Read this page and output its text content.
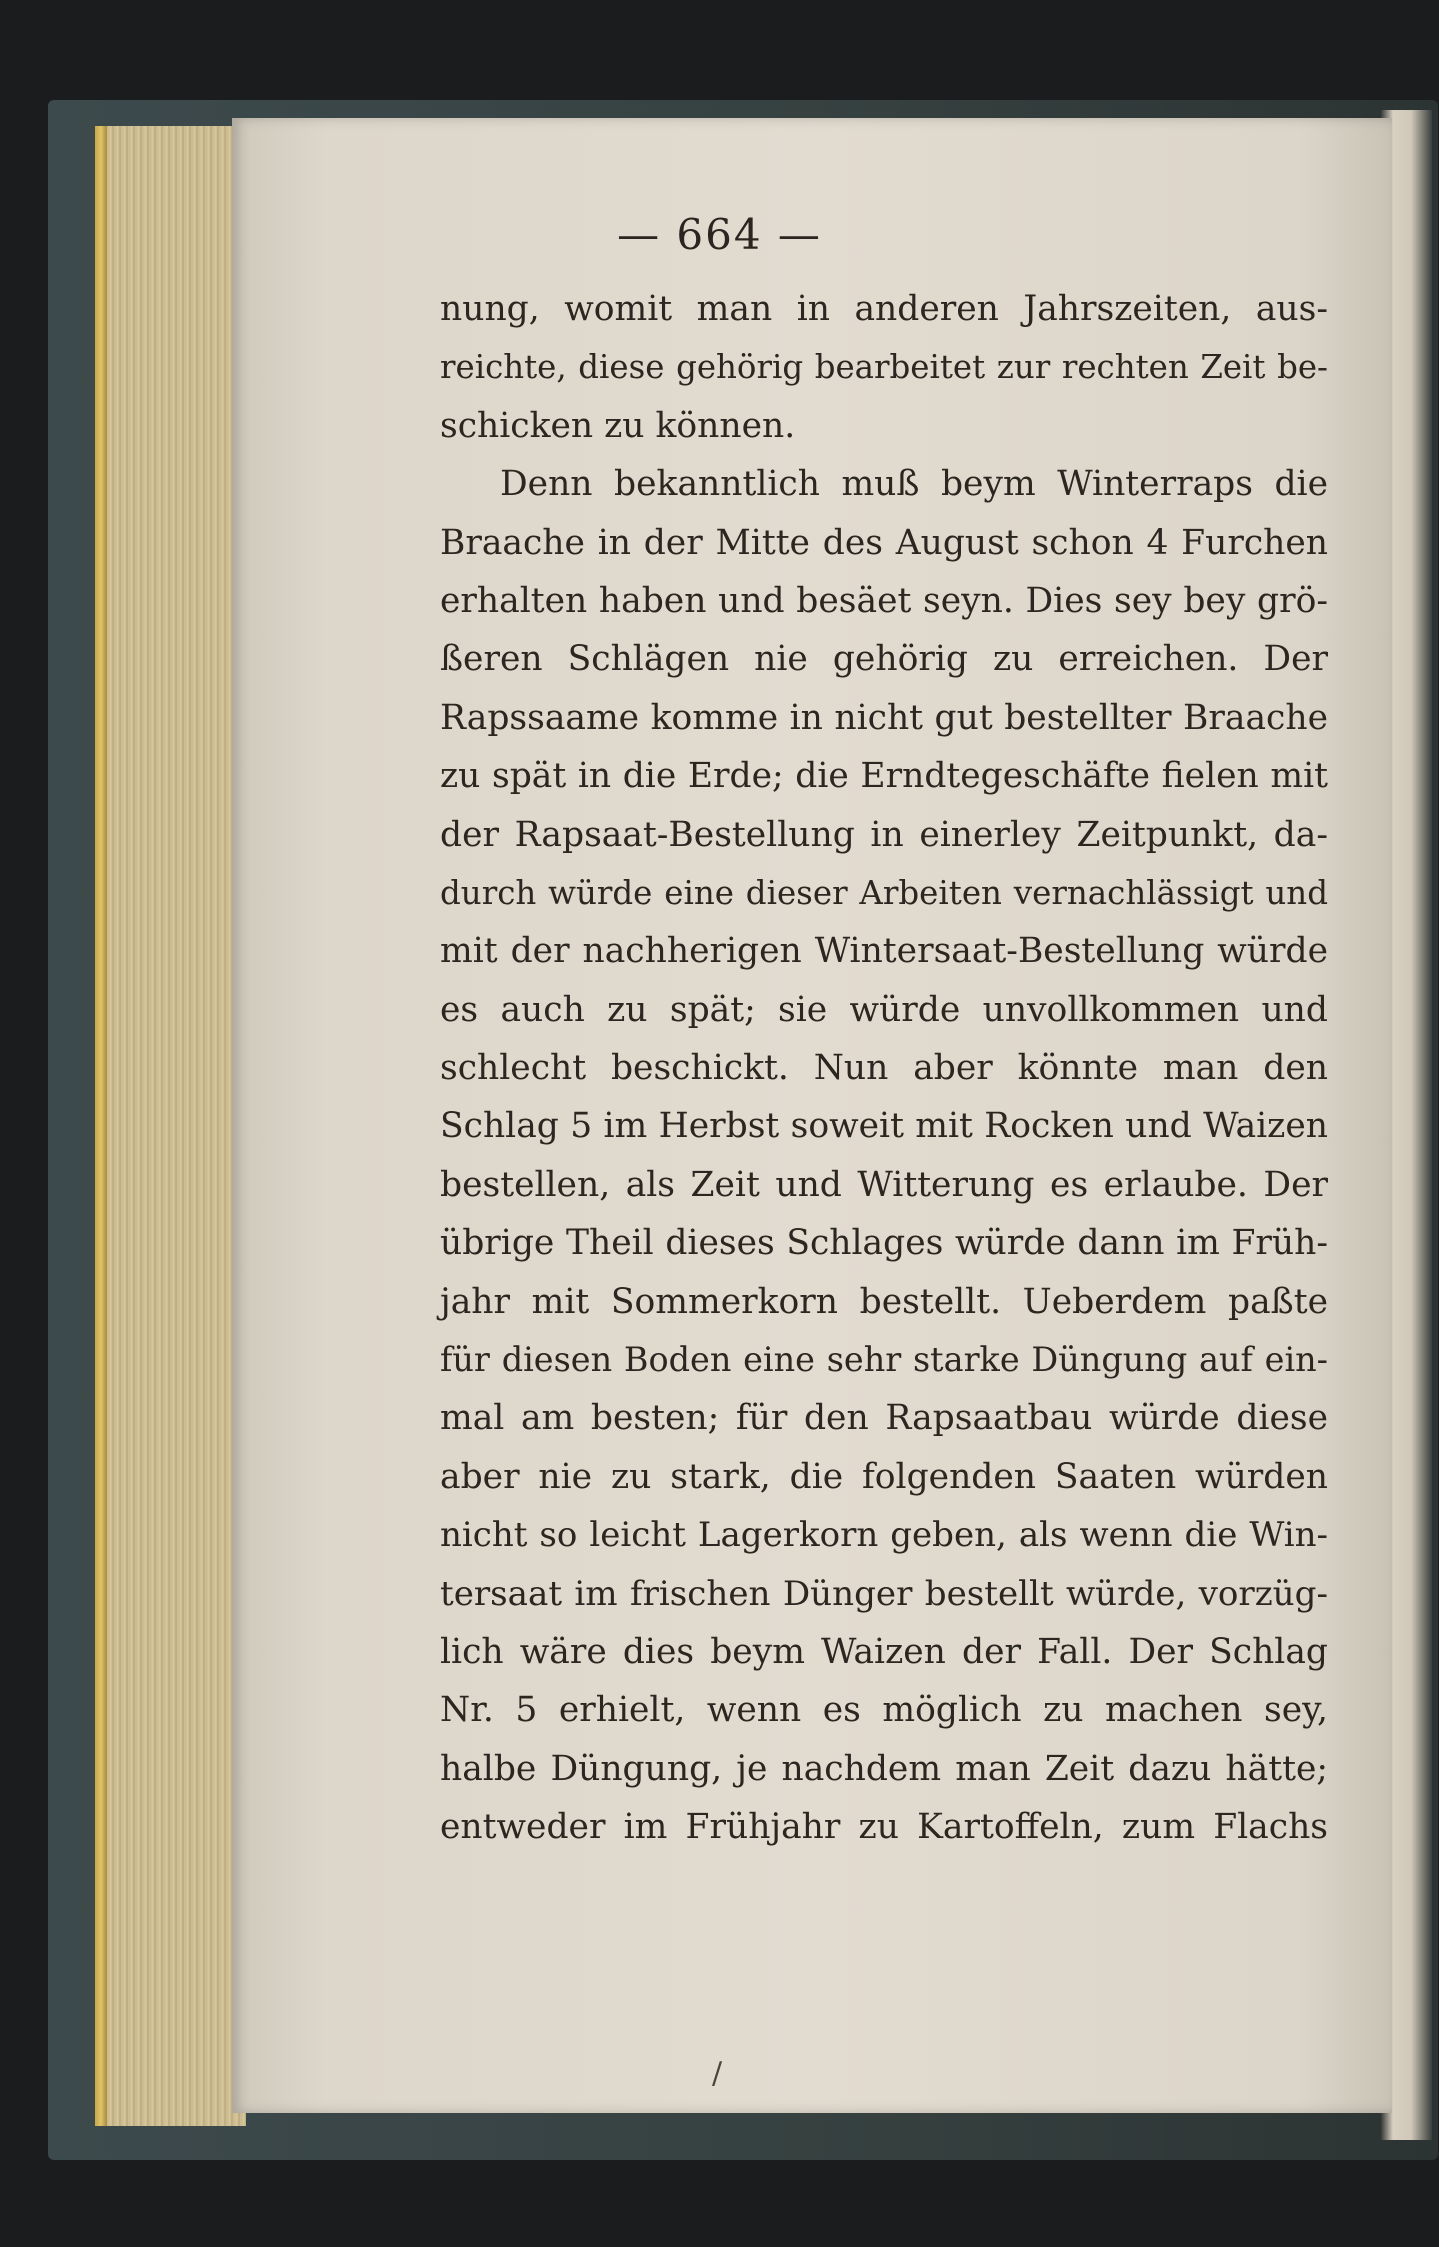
— 664 —
nung, womit man in anderen Jahrszeiten, aus-
reichte, diese gehörig bearbeitet zur rechten Zeit be-
schicken zu können.
Denn bekanntlich muß beym Winterraps die
Braache in der Mitte des August schon 4 Furchen
erhalten haben und besäet seyn. Dies sey bey grö-
ßeren Schlägen nie gehörig zu erreichen. Der
Rapssaame komme in nicht gut bestellter Braache
zu spät in die Erde; die Erndtegeschäfte fielen mit
der Rapsaat-Bestellung in einerley Zeitpunkt, da-
durch würde eine dieser Arbeiten vernachlässigt und
mit der nachherigen Wintersaat-Bestellung würde
es auch zu spät; sie würde unvollkommen und
schlecht beschickt. Nun aber könnte man den
Schlag 5 im Herbst soweit mit Rocken und Waizen
bestellen, als Zeit und Witterung es erlaube. Der
übrige Theil dieses Schlages würde dann im Früh-
jahr mit Sommerkorn bestellt. Ueberdem paßte
für diesen Boden eine sehr starke Düngung auf ein-
mal am besten; für den Rapsaatbau würde diese
aber nie zu stark, die folgenden Saaten würden
nicht so leicht Lagerkorn geben, als wenn die Win-
tersaat im frischen Dünger bestellt würde, vorzüg-
lich wäre dies beym Waizen der Fall. Der Schlag
Nr. 5 erhielt, wenn es möglich zu machen sey,
halbe Düngung, je nachdem man Zeit dazu hätte;
entweder im Frühjahr zu Kartoffeln, zum Flachs
/
